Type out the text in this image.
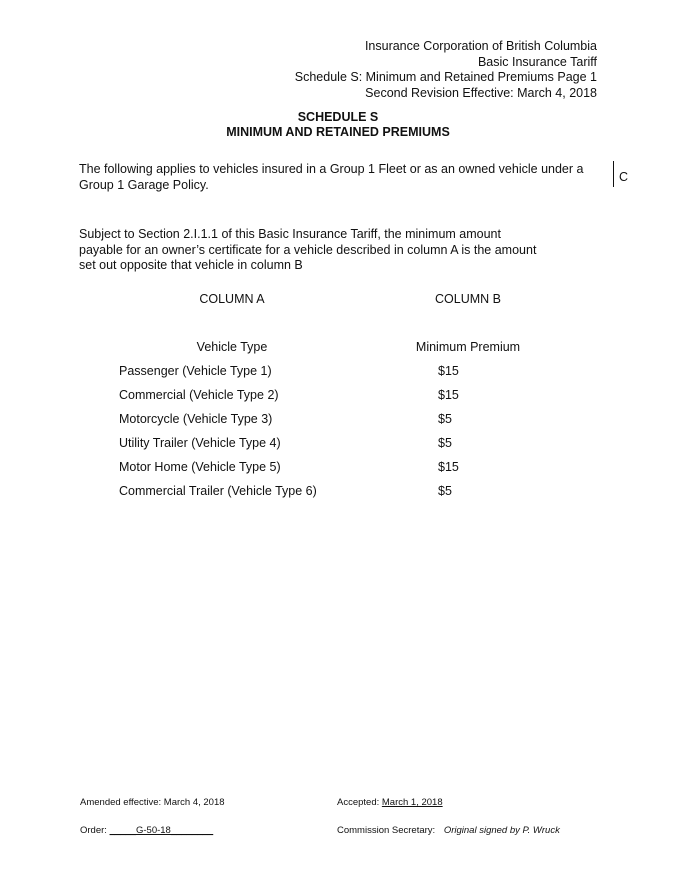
Insurance Corporation of British Columbia
Basic Insurance Tariff
Schedule S: Minimum and Retained Premiums Page 1
Second Revision Effective: March 4, 2018
SCHEDULE S
MINIMUM AND RETAINED PREMIUMS
The following applies to vehicles insured in a Group 1 Fleet or as an owned vehicle under a
Group 1 Garage Policy.
C
Subject to Section 2.I.1.1 of this Basic Insurance Tariff, the minimum amount
payable for an owner’s certificate for a vehicle described in column A is the amount
set out opposite that vehicle in column B
COLUMN A	COLUMN B
Vehicle Type	Minimum Premium
Passenger (Vehicle Type 1)	$15
Commercial (Vehicle Type 2)	$15
Motorcycle (Vehicle Type 3)	$5
Utility Trailer (Vehicle Type 4)	$5
Motor Home (Vehicle Type 5)	$15
Commercial Trailer (Vehicle Type 6)	$5
Amended effective: March 4, 2018	Accepted: March 1, 2018
Order: _____G-50-18________	Commission Secretary: Original signed by P. Wruck
